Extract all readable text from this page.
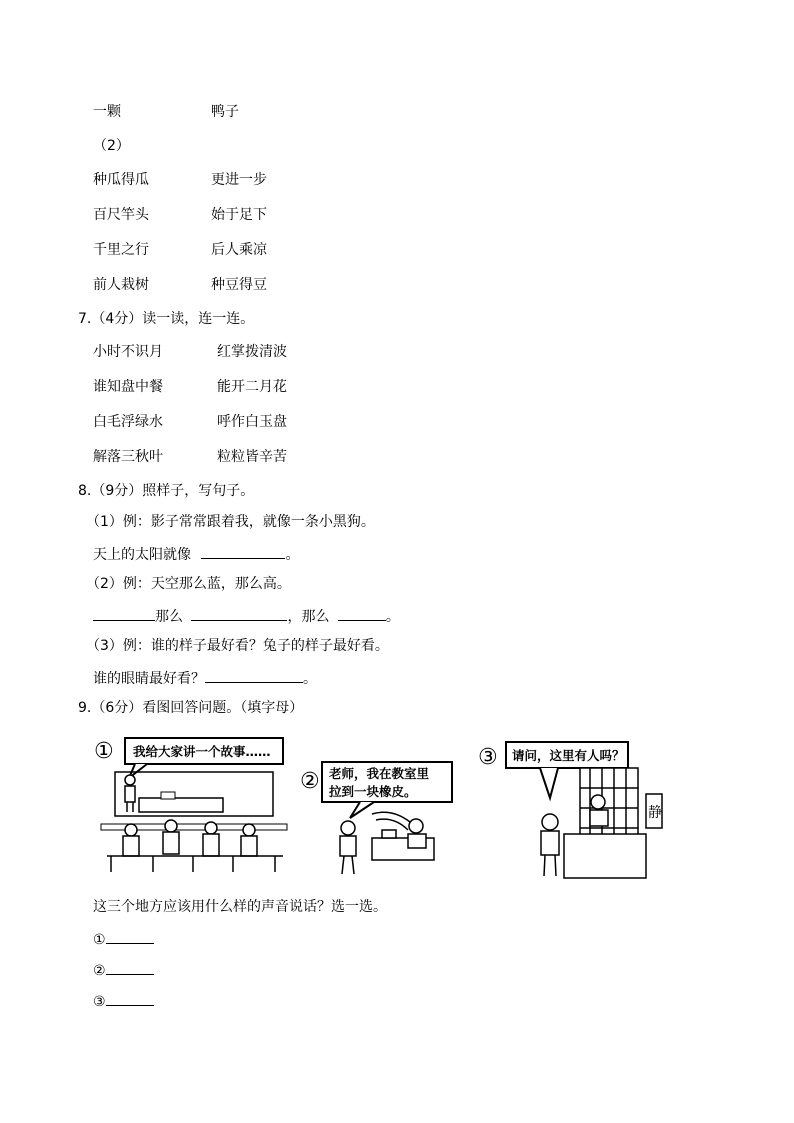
一颗	鸭子
（2）
种瓜得瓜	更进一步
百尺竿头	始于足下
千里之行	后人乘凉
前人栽树	种豆得豆
7.（4分）读一读，连一连。
小时不识月	红掌拨清波
谁知盘中餐	能开二月花
白毛浮绿水	呼作白玉盘
解落三秋叶	粒粒皆辛苦
8.（9分）照样子，写句子。
（1）例：影子常常跟着我，就像一条小黑狗。
天上的太阳就像	。
（2）例：天空那么蓝，那么高。
那么	，那么	。
（3）例：谁的样子最好看？兔子的样子最好看。
谁的眼睛最好看？	。
9.（6分）看图回答问题。（填字母）
① 我给大家讲一个故事……
② 老师，我在教室里
拉到一块橡皮。
③ 请问，这里有人吗？
静
这三个地方应该用什么样的声音说话？选一选。
①
②
③
